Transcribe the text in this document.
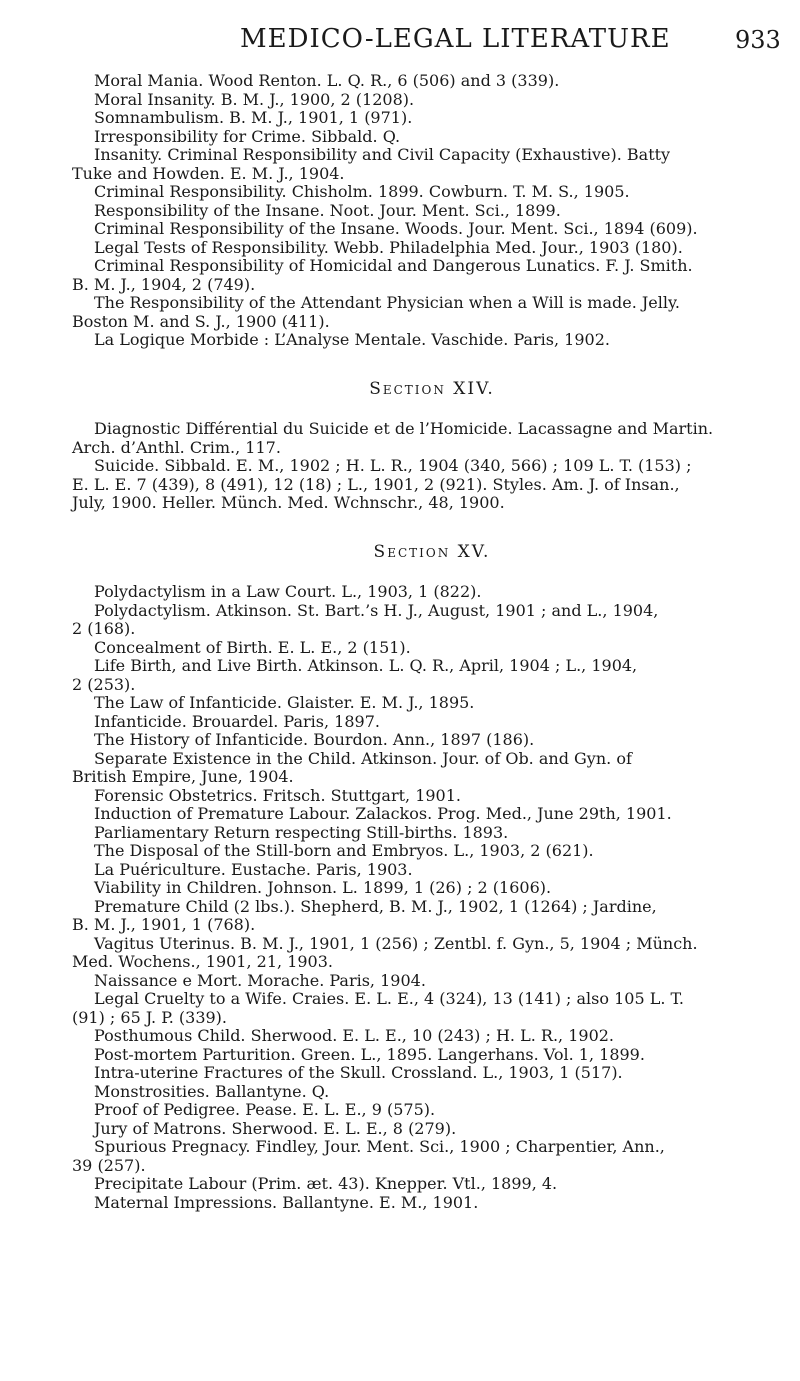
MEDICO-LEGAL LITERATURE	933

Moral Mania. Wood Renton. L. Q. R., 6 (506) and 3 (339).

Moral Insanity. B. M. J., 1900, 2 (1208).

Somnambulism. B. M. J., 1901, 1 (971).

Irresponsibility for Crime. Sibbald. Q.

Insanity. Criminal Responsibility and Civil Capacity (Exhaustive). Batty
Tuke and Howden. E. M. J., 1904.

Criminal Responsibility. Chisholm. 1899. Cowburn. T. M. S., 1905.

Responsibility of the Insane. Noot. Jour. Ment. Sci., 1899.

Criminal Responsibility of the Insane. Woods. Jour. Ment. Sci., 1894 (609).

Legal Tests of Responsibility. Webb. Philadelphia Med. Jour., 1903 (180).

Criminal Responsibility of Homicidal and Dangerous Lunatics. F. J. Smith.
B. M. J., 1904, 2 (749).

The Responsibility of the Attendant Physician when a Will is made. Jelly.
Boston M. and S. J., 1900 (411).

La Logique Morbide : L’Analyse Mentale. Vaschide. Paris, 1902.

Section XIV.

Diagnostic Différential du Suicide et de l’Homicide. Lacassagne and Martin.
Arch. d’Anthl. Crim., 117.

Suicide. Sibbald. E. M., 1902 ; H. L. R., 1904 (340, 566) ; 109 L. T. (153) ;
E. L. E. 7 (439), 8 (491), 12 (18) ; L., 1901, 2 (921). Styles. Am. J. of Insan.,
July, 1900. Heller. Münch. Med. Wchnschr., 48, 1900.

Section XV.

Polydactylism in a Law Court. L., 1903, 1 (822).

Polydactylism. Atkinson. St. Bart.’s H. J., August, 1901 ; and L., 1904,
2 (168).

Concealment of Birth. E. L. E., 2 (151).

Life Birth, and Live Birth. Atkinson. L. Q. R., April, 1904 ; L., 1904,
2 (253).

The Law of Infanticide. Glaister. E. M. J., 1895.

Infanticide. Brouardel. Paris, 1897.

The History of Infanticide. Bourdon. Ann., 1897 (186).

Separate Existence in the Child. Atkinson. Jour. of Ob. and Gyn. of
British Empire, June, 1904.

Forensic Obstetrics. Fritsch. Stuttgart, 1901.

Induction of Premature Labour. Zalackos. Prog. Med., June 29th, 1901.

Parliamentary Return respecting Still-births. 1893.

The Disposal of the Still-born and Embryos. L., 1903, 2 (621).

La Puériculture. Eustache. Paris, 1903.

Viability in Children. Johnson. L. 1899, 1 (26) ; 2 (1606).

Premature Child (2 lbs.). Shepherd, B. M. J., 1902, 1 (1264) ; Jardine,
B. M. J., 1901, 1 (768).

Vagitus Uterinus. B. M. J., 1901, 1 (256) ; Zentbl. f. Gyn., 5, 1904 ; Münch.
Med. Wochens., 1901, 21, 1903.

Naissance e Mort. Morache. Paris, 1904.

Legal Cruelty to a Wife. Craies. E. L. E., 4 (324), 13 (141) ; also 105 L. T.
(91) ; 65 J. P. (339).

Posthumous Child. Sherwood. E. L. E., 10 (243) ; H. L. R., 1902.

Post-mortem Parturition. Green. L., 1895. Langerhans. Vol. 1, 1899.

Intra-uterine Fractures of the Skull. Crossland. L., 1903, 1 (517).

Monstrosities. Ballantyne. Q.

Proof of Pedigree. Pease. E. L. E., 9 (575).

Jury of Matrons. Sherwood. E. L. E., 8 (279).

Spurious Pregnacy. Findley, Jour. Ment. Sci., 1900 ; Charpentier, Ann.,
39 (257).

Precipitate Labour (Prim. æt. 43). Knepper. Vtl., 1899, 4.

Maternal Impressions. Ballantyne. E. M., 1901.
